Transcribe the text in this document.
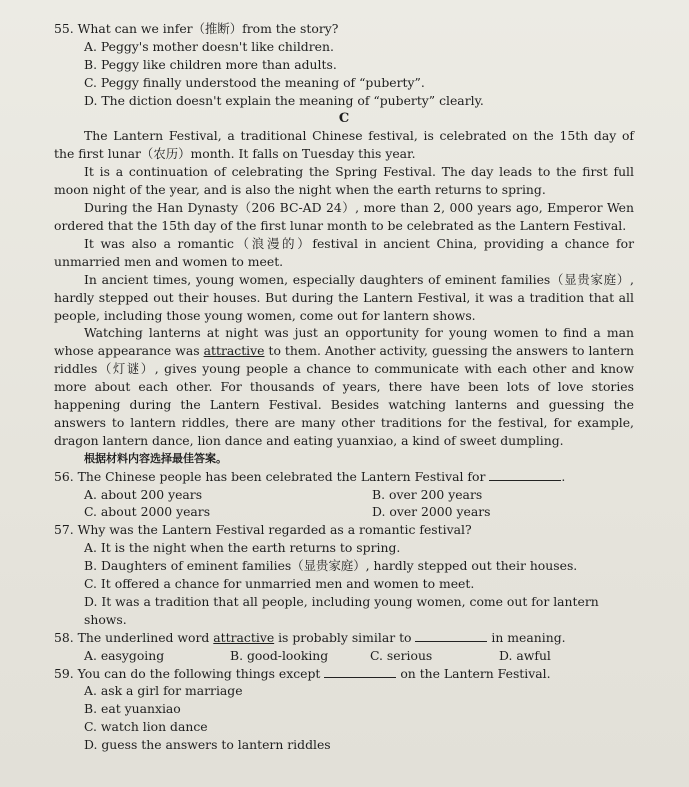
55. What can we infer（推断）from the story?
A. Peggy's mother doesn't like children.
B. Peggy like children more than adults.
C. Peggy finally understood the meaning of “puberty”.
D. The diction doesn't explain the meaning of “puberty” clearly.
C
The Lantern Festival, a traditional Chinese festival, is celebrated on the 15th day of the first lunar（农历）month. It falls on Tuesday this year.
It is a continuation of celebrating the Spring Festival. The day leads to the first full moon night of the year, and is also the night when the earth returns to spring.
During the Han Dynasty（206 BC-AD 24）, more than 2, 000 years ago, Emperor Wen ordered that the 15th day of the first lunar month to be celebrated as the Lantern Festival.
It was also a romantic（浪漫的）festival in ancient China, providing a chance for unmarried men and women to meet.
In ancient times, young women, especially daughters of eminent families（显贵家庭）, hardly stepped out their houses. But during the Lantern Festival, it was a tradition that all people, including those young women, come out for lantern shows.
Watching lanterns at night was just an opportunity for young women to find a man whose appearance was attractive to them. Another activity, guessing the answers to lantern riddles（灯谜）, gives young people a chance to communicate with each other and know more about each other. For thousands of years, there have been lots of love stories happening during the Lantern Festival. Besides watching lanterns and guessing the answers to lantern riddles, there are many other traditions for the festival, for example, dragon lantern dance, lion dance and eating yuanxiao, a kind of sweet dumpling.
根据材料内容选择最佳答案。
56. The Chinese people has been celebrated the Lantern Festival for	.
A. about 200 years	B. over 200 years
C. about 2000 years	D. over 2000 years
57. Why was the Lantern Festival regarded as a romantic festival?
A. It is the night when the earth returns to spring.
B. Daughters of eminent families（显贵家庭）, hardly stepped out their houses.
C. It offered a chance for unmarried men and women to meet.
D. It was a tradition that all people, including young women, come out for lantern
shows.
58. The underlined word attractive is probably similar to	in meaning.
A. easygoing	B. good-looking	C. serious	D. awful
59. You can do the following things except	on the Lantern Festival.
A. ask a girl for marriage
B. eat yuanxiao
C. watch lion dance
D. guess the answers to lantern riddles
